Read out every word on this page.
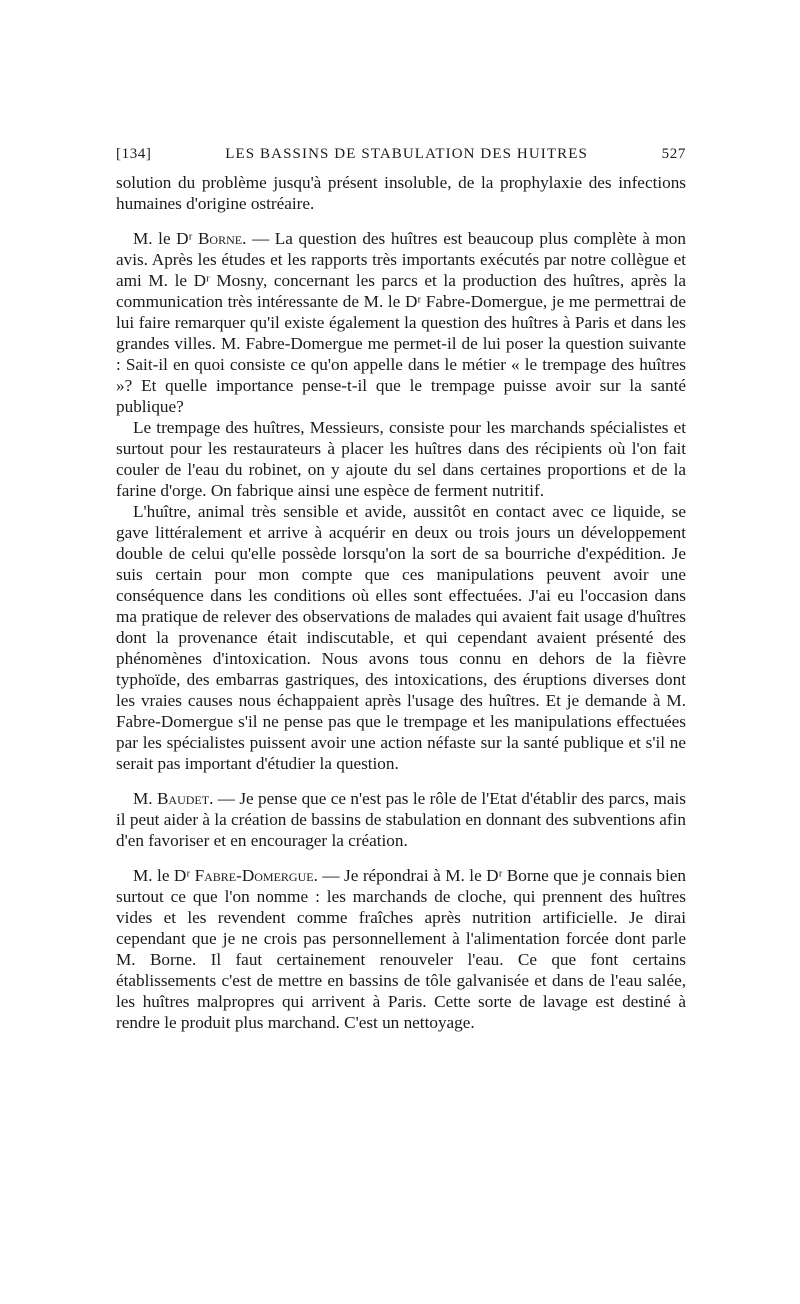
[134]	LES BASSINS DE STABULATION DES HUITRES	527

solution du problème jusqu'à présent insoluble, de la prophylaxie des infections humaines d'origine ostréaire.

M. le Dʳ Borne. — La question des huîtres est beaucoup plus complète à mon avis. Après les études et les rapports très importants exécutés par notre collègue et ami M. le Dʳ Mosny, concernant les parcs et la production des huîtres, après la communication très intéressante de M. le Dʳ Fabre-Domergue, je me permettrai de lui faire remarquer qu'il existe également la question des huîtres à Paris et dans les grandes villes. M. Fabre-Domergue me permet-il de lui poser la question suivante : Sait-il en quoi consiste ce qu'on appelle dans le métier « le trempage des huîtres »? Et quelle importance pense-t-il que le trempage puisse avoir sur la santé publique?

Le trempage des huîtres, Messieurs, consiste pour les marchands spécialistes et surtout pour les restaurateurs à placer les huîtres dans des récipients où l'on fait couler de l'eau du robinet, on y ajoute du sel dans certaines proportions et de la farine d'orge. On fabrique ainsi une espèce de ferment nutritif.

L'huître, animal très sensible et avide, aussitôt en contact avec ce liquide, se gave littéralement et arrive à acquérir en deux ou trois jours un développement double de celui qu'elle possède lorsqu'on la sort de sa bourriche d'expédition. Je suis certain pour mon compte que ces manipulations peuvent avoir une conséquence dans les conditions où elles sont effectuées. J'ai eu l'occasion dans ma pratique de relever des observations de malades qui avaient fait usage d'huîtres dont la provenance était indiscutable, et qui cependant avaient présenté des phénomènes d'intoxication. Nous avons tous connu en dehors de la fièvre typhoïde, des embarras gastriques, des intoxications, des éruptions diverses dont les vraies causes nous échappaient après l'usage des huîtres. Et je demande à M. Fabre-Domergue s'il ne pense pas que le trempage et les manipulations effectuées par les spécialistes puissent avoir une action néfaste sur la santé publique et s'il ne serait pas important d'étudier la question.

M. Baudet. — Je pense que ce n'est pas le rôle de l'Etat d'établir des parcs, mais il peut aider à la création de bassins de stabulation en donnant des subventions afin d'en favoriser et en encourager la création.

M. le Dʳ Fabre-Domergue. — Je répondrai à M. le Dʳ Borne que je connais bien surtout ce que l'on nomme : les marchands de cloche, qui prennent des huîtres vides et les revendent comme fraîches après nutrition artificielle. Je dirai cependant que je ne crois pas personnellement à l'alimentation forcée dont parle M. Borne. Il faut certainement renouveler l'eau. Ce que font certains établissements c'est de mettre en bassins de tôle galvanisée et dans de l'eau salée, les huîtres malpropres qui arrivent à Paris. Cette sorte de lavage est destiné à rendre le produit plus marchand. C'est un nettoyage.
